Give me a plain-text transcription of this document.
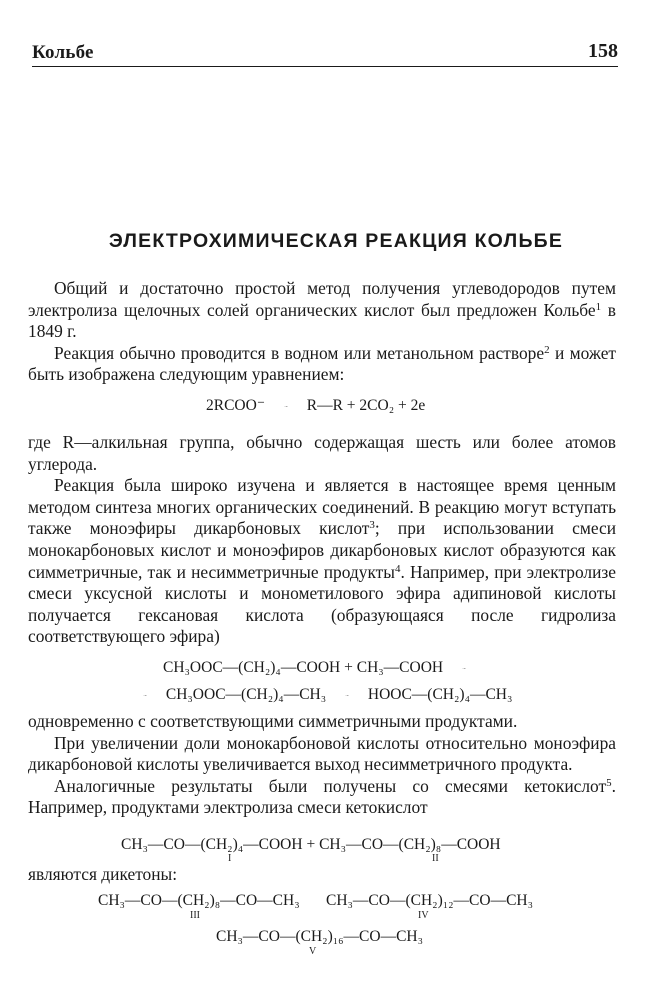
Кольбе	158
ЭЛЕКТРОХИМИЧЕСКАЯ РЕАКЦИЯ КОЛЬБЕ

Общий и достаточно простой метод получения углеводородов путем электролиза щелочных солей органических кислот был предложен Кольбе$^1$ в 1849 г.

Реакция обычно проводится в водном или метанольном растворе$^2$ и может быть изображена следующим уравнением:

2RCOO⁻	R—R + 2CO₂ + 2e

где R—алкильная группа, обычно содержащая шесть или более атомов углерода.

Реакция была широко изучена и является в настоящее время ценным методом синтеза многих органических соединений. В реакцию могут вступать также моноэфиры дикарбоновых кислот$^3$; при использовании смеси монокарбоновых кислот и моноэфиров дикарбоновых кислот образуются как симметричные, так и несимметричные продукты$^4$. Например, при электролизе смеси уксусной кислоты и монометилового эфира адипиновой кислоты получается гексановая кислота (образующаяся после гидролиза соответствующего эфира)

CH₃OOC—(CH₂)₄—COOH + CH₃—COOH
CH₃OOC—(CH₂)₄—CH₃	HOOC—(CH₂)₄—CH₃

одновременно с соответствующими симметричными продуктами.

При увеличении доли монокарбоновой кислоты относительно моноэфира дикарбоновой кислоты увеличивается выход несимметричного продукта.

Аналогичные результаты были получены со смесями кетокислот$^5$. Например, продуктами электролиза смеси кетокислот

CH₃—CO—(CH₂)₄—COOH + CH₃—CO—(CH₂)₈—COOH
I	II

являются дикетоны:

CH₃—CO—(CH₂)₈—CO—CH₃ CH₃—CO—(CH₂)₁₂—CO—CH₃
III	IV
CH₃—CO—(CH₂)₁₆—CO—CH₃
V
